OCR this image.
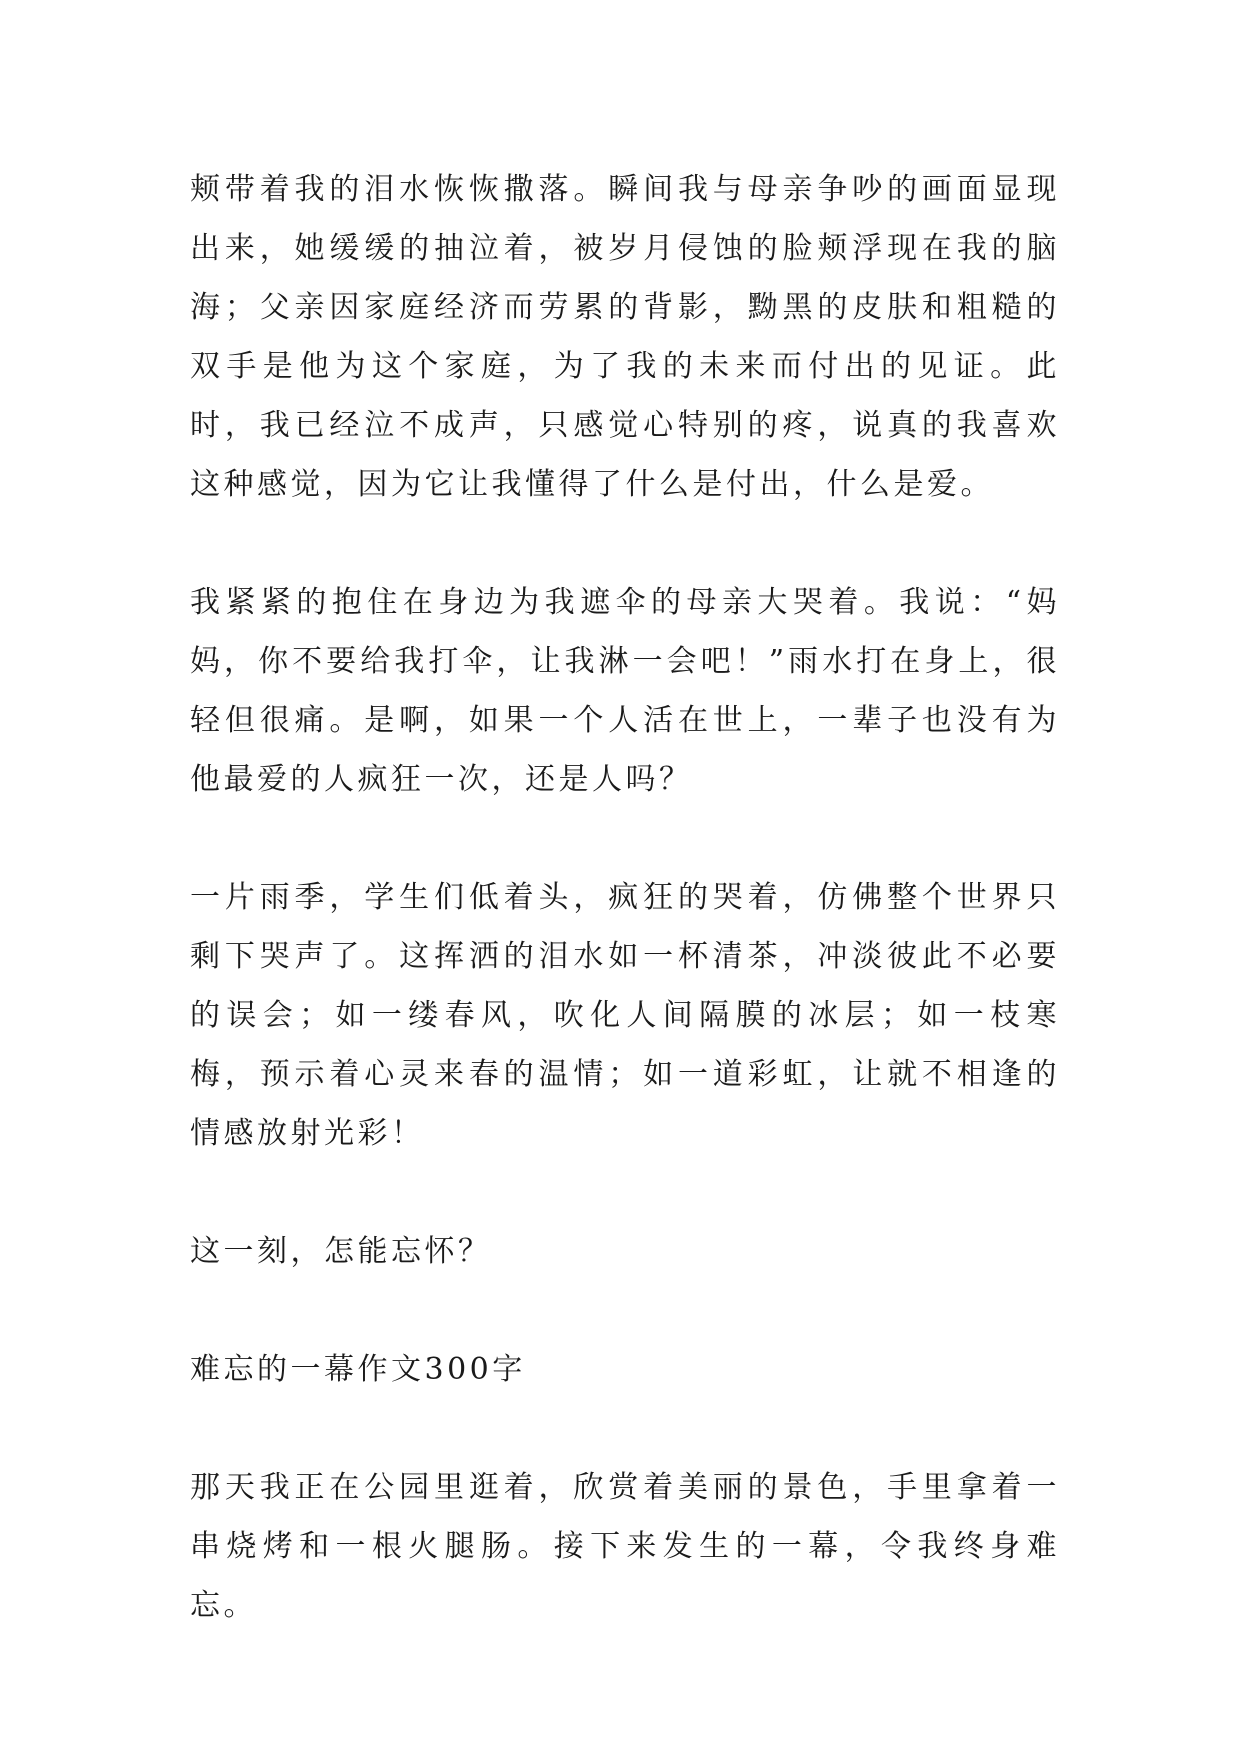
颊带着我的泪水恢恢撒落。瞬间我与母亲争吵的画面显现出来，她缓缓的抽泣着，被岁月侵蚀的脸颊浮现在我的脑海；父亲因家庭经济而劳累的背影，黝黑的皮肤和粗糙的双手是他为这个家庭，为了我的未来而付出的见证。此时，我已经泣不成声，只感觉心特别的疼，说真的我喜欢这种感觉，因为它让我懂得了什么是付出，什么是爱。

我紧紧的抱住在身边为我遮伞的母亲大哭着。我说：“妈妈，你不要给我打伞，让我淋一会吧！”雨水打在身上，很轻但很痛。是啊，如果一个人活在世上，一辈子也没有为他最爱的人疯狂一次，还是人吗？

一片雨季，学生们低着头，疯狂的哭着，仿佛整个世界只剩下哭声了。这挥洒的泪水如一杯清茶，冲淡彼此不必要的误会；如一缕春风，吹化人间隔膜的冰层；如一枝寒梅，预示着心灵来春的温情；如一道彩虹，让就不相逢的情感放射光彩！

这一刻，怎能忘怀？

难忘的一幕作文300字

那天我正在公园里逛着，欣赏着美丽的景色，手里拿着一串烧烤和一根火腿肠。接下来发生的一幕，令我终身难忘。
